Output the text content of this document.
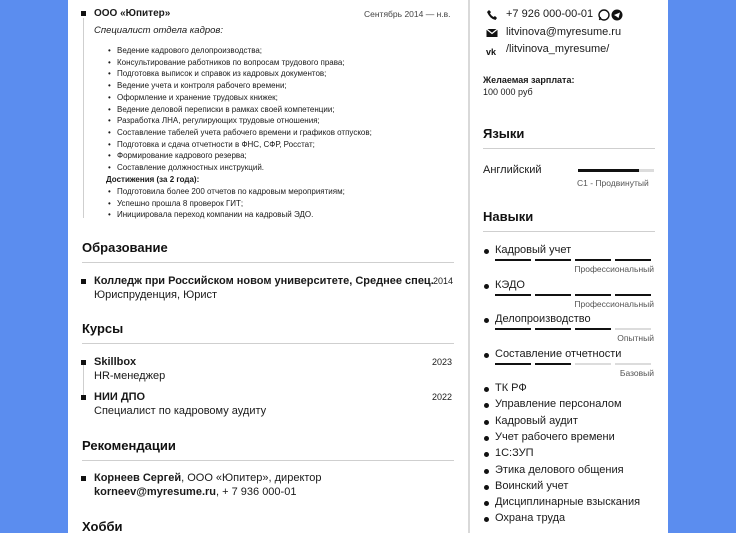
ООО «Юпитер»	Сентябрь 2014 — н.в.
Специалист отдела кадров:
• Ведение кадрового делопроизводства;
• Консультирование работников по вопросам трудового права;
• Подготовка выписок и справок из кадровых документов;
• Ведение учета и контроля рабочего времени;
• Оформление и хранение трудовых книжек;
• Ведение деловой переписки в рамках своей компетенции;
• Разработка ЛНА, регулирующих трудовые отношения;
• Составление табелей учета рабочего времени и графиков отпусков;
• Подготовка и сдача отчетности в ФНС, СФР, Росстат;
• Формирование кадрового резерва;
• Составление должностных инструкций.
Достижения (за 2 года):
• Подготовила более 200 отчетов по кадровым мероприятиям;
• Успешно прошла 8 проверок ГИТ;
• Инициировала переход компании на кадровый ЭДО.
Образование
Колледж при Российском новом университете, Среднее спец. 2014
Юриспруденция, Юрист
Курсы
Skillbox	2023
HR-менеджер
НИИ ДПО	2022
Специалист по кадровому аудиту
Рекомендации
Корнеев Сергей, ООО «Юпитер», директор
korneev@myresume.ru, + 7 936 000-01
Хобби
+7 926 000-00-01
litvinova@myresume.ru
vk /litvinova_myresume/
Желаемая зарплата:
100 000 руб
Языки
Английский
C1 - Продвинутый
Навыки
Кадровый учет
Профессиональный
КЭДО
Профессиональный
Делопроизводство
Опытный
Составление отчетности
Базовый
ТК РФ
Управление персоналом
Кадровый аудит
Учет рабочего времени
1С:ЗУП
Этика делового общения
Воинский учет
Дисциплинарные взыскания
Охрана труда
